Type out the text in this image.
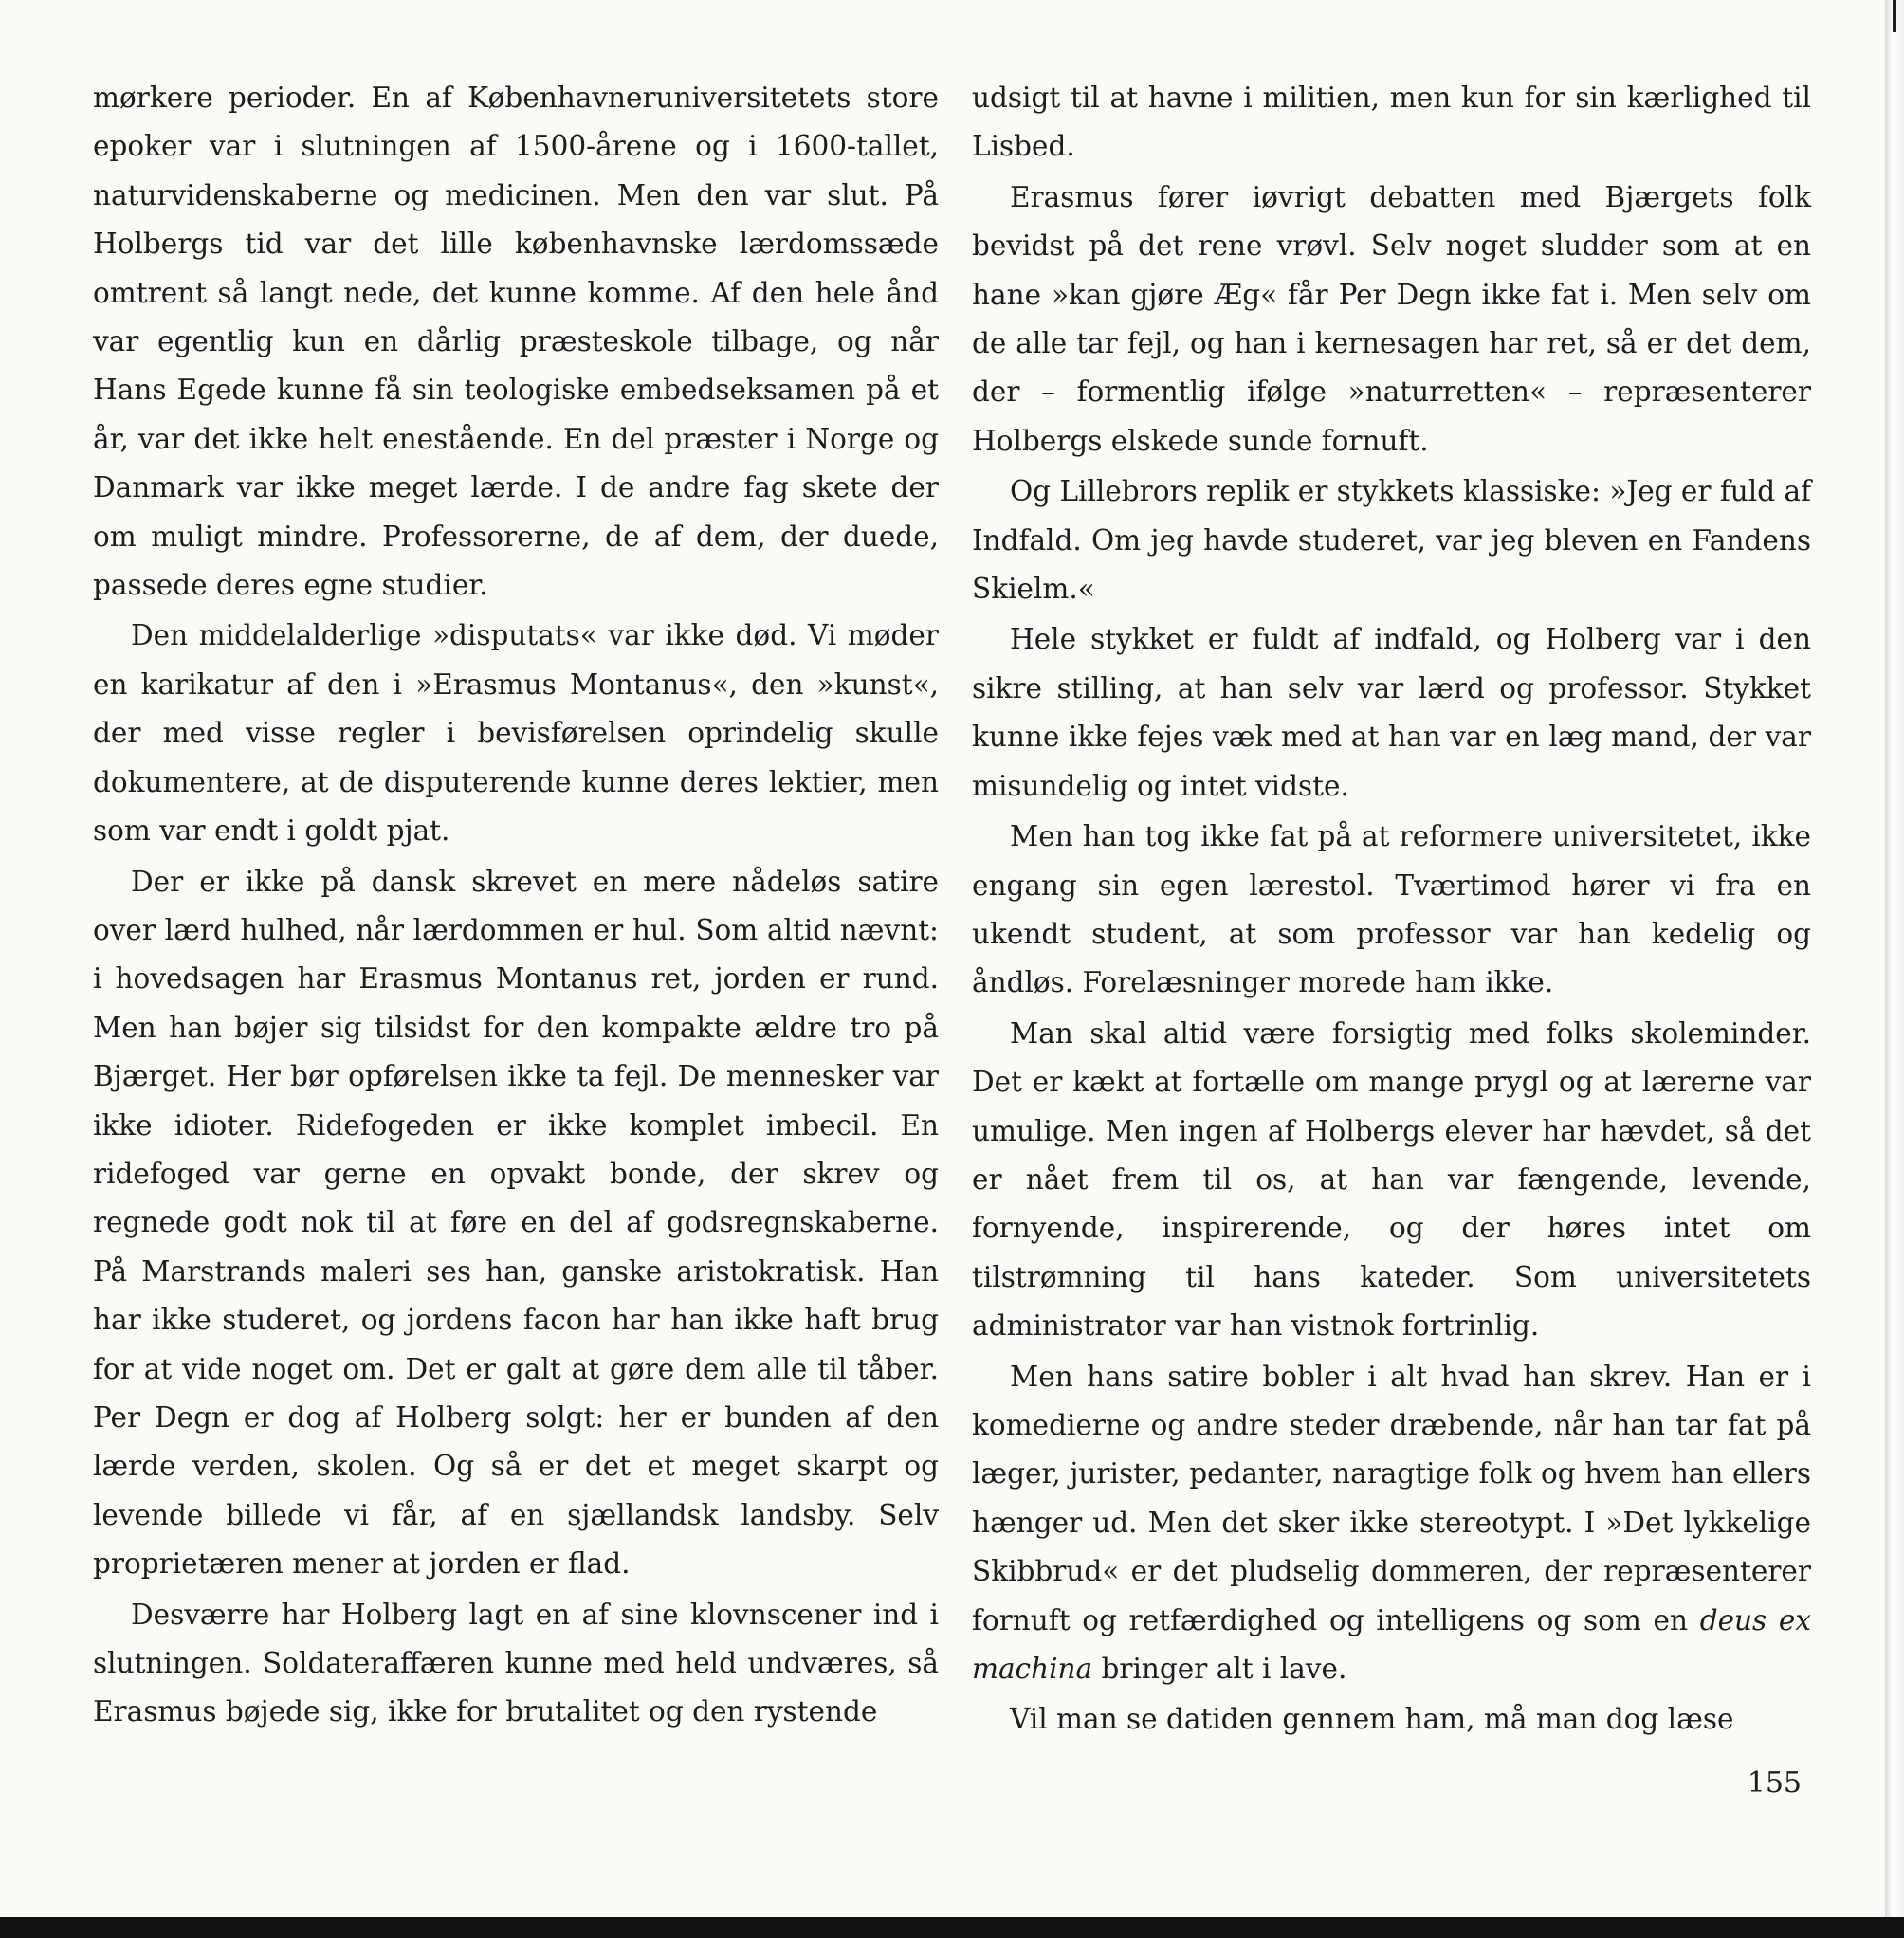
mørkere perioder. En af Københavneruniversitetets store epoker var i slutningen af 1500-årene og i 1600-tallet, naturvidenskaberne og medicinen. Men den var slut. På Holbergs tid var det lille københavnske lærdomssæde omtrent så langt nede, det kunne komme. Af den hele ånd var egentlig kun en dårlig præsteskole tilbage, og når Hans Egede kunne få sin teologiske embedseksamen på et år, var det ikke helt enestående. En del præster i Norge og Danmark var ikke meget lærde. I de andre fag skete der om muligt mindre. Professorerne, de af dem, der duede, passede deres egne studier.

Den middelalderlige »disputats« var ikke død. Vi møder en karikatur af den i »Erasmus Montanus«, den »kunst«, der med visse regler i bevisførelsen oprindelig skulle dokumentere, at de disputerende kunne deres lektier, men som var endt i goldt pjat.

Der er ikke på dansk skrevet en mere nådeløs satire over lærd hulhed, når lærdommen er hul. Som altid nævnt: i hovedsagen har Erasmus Montanus ret, jorden er rund. Men han bøjer sig tilsidst for den kompakte ældre tro på Bjærget. Her bør opførelsen ikke ta fejl. De mennesker var ikke idioter. Ridefogeden er ikke komplet imbecil. En ridefoged var gerne en opvakt bonde, der skrev og regnede godt nok til at føre en del af godsregnskaberne. På Marstrands maleri ses han, ganske aristokratisk. Han har ikke studeret, og jordens facon har han ikke haft brug for at vide noget om. Det er galt at gøre dem alle til tåber. Per Degn er dog af Holberg solgt: her er bunden af den lærde verden, skolen. Og så er det et meget skarpt og levende billede vi får, af en sjællandsk landsby. Selv proprietæren mener at jorden er flad.

Desværre har Holberg lagt en af sine klovnscener ind i slutningen. Soldateraffæren kunne med held undværes, så Erasmus bøjede sig, ikke for brutalitet og den rystende

udsigt til at havne i militien, men kun for sin kærlighed til Lisbed.

Erasmus fører iøvrigt debatten med Bjærgets folk bevidst på det rene vrøvl. Selv noget sludder som at en hane »kan gjøre Æg« får Per Degn ikke fat i. Men selv om de alle tar fejl, og han i kernesagen har ret, så er det dem, der – formentlig ifølge »naturretten« – repræsenterer Holbergs elskede sunde fornuft.

Og Lillebrors replik er stykkets klassiske: »Jeg er fuld af Indfald. Om jeg havde studeret, var jeg bleven en Fandens Skielm.«

Hele stykket er fuldt af indfald, og Holberg var i den sikre stilling, at han selv var lærd og professor. Stykket kunne ikke fejes væk med at han var en læg mand, der var misundelig og intet vidste.

Men han tog ikke fat på at reformere universitetet, ikke engang sin egen lærestol. Tværtimod hører vi fra en ukendt student, at som professor var han kedelig og åndløs. Forelæsninger morede ham ikke.

Man skal altid være forsigtig med folks skoleminder. Det er kækt at fortælle om mange prygl og at lærerne var umulige. Men ingen af Holbergs elever har hævdet, så det er nået frem til os, at han var fængende, levende, fornyende, inspirerende, og der høres intet om tilstrømning til hans kateder. Som universitetets administrator var han vistnok fortrinlig.

Men hans satire bobler i alt hvad han skrev. Han er i komedierne og andre steder dræbende, når han tar fat på læger, jurister, pedanter, naragtige folk og hvem han ellers hænger ud. Men det sker ikke stereotypt. I »Det lykkelige Skibbrud« er det pludselig dommeren, der repræsenterer fornuft og retfærdighed og intelligens og som en deus ex machina bringer alt i lave.

Vil man se datiden gennem ham, må man dog læse

155
